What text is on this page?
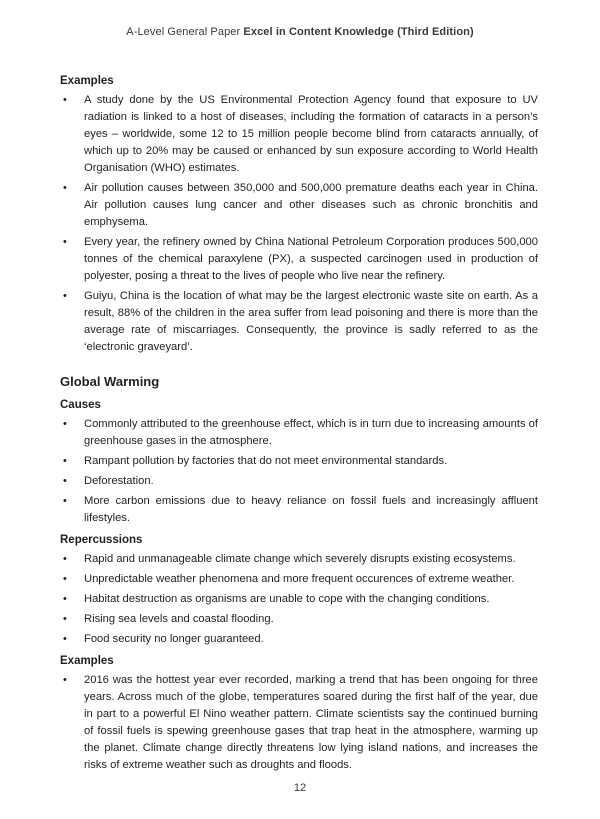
A-Level General Paper Excel in Content Knowledge (Third Edition)
Examples
• A study done by the US Environmental Protection Agency found that exposure to UV radiation is linked to a host of diseases, including the formation of cataracts in a person’s eyes – worldwide, some 12 to 15 million people become blind from cataracts annually, of which up to 20% may be caused or enhanced by sun exposure according to World Health Organisation (WHO) estimates.
• Air pollution causes between 350,000 and 500,000 premature deaths each year in China. Air pollution causes lung cancer and other diseases such as chronic bronchitis and emphysema.
• Every year, the refinery owned by China National Petroleum Corporation produces 500,000 tonnes of the chemical paraxylene (PX), a suspected carcinogen used in production of polyester, posing a threat to the lives of people who live near the refinery.
• Guiyu, China is the location of what may be the largest electronic waste site on earth. As a result, 88% of the children in the area suffer from lead poisoning and there is more than the average rate of miscarriages. Consequently, the province is sadly referred to as the ‘electronic graveyard’.
Global Warming
Causes
• Commonly attributed to the greenhouse effect, which is in turn due to increasing amounts of greenhouse gases in the atmosphere.
• Rampant pollution by factories that do not meet environmental standards.
• Deforestation.
• More carbon emissions due to heavy reliance on fossil fuels and increasingly affluent lifestyles.
Repercussions
• Rapid and unmanageable climate change which severely disrupts existing ecosystems.
• Unpredictable weather phenomena and more frequent occurences of extreme weather.
• Habitat destruction as organisms are unable to cope with the changing conditions.
• Rising sea levels and coastal flooding.
• Food security no longer guaranteed.
Examples
• 2016 was the hottest year ever recorded, marking a trend that has been ongoing for three years. Across much of the globe, temperatures soared during the first half of the year, due in part to a powerful El Nino weather pattern. Climate scientists say the continued burning of fossil fuels is spewing greenhouse gases that trap heat in the atmosphere, warming up the planet. Climate change directly threatens low lying island nations, and increases the risks of extreme weather such as droughts and floods.
12
